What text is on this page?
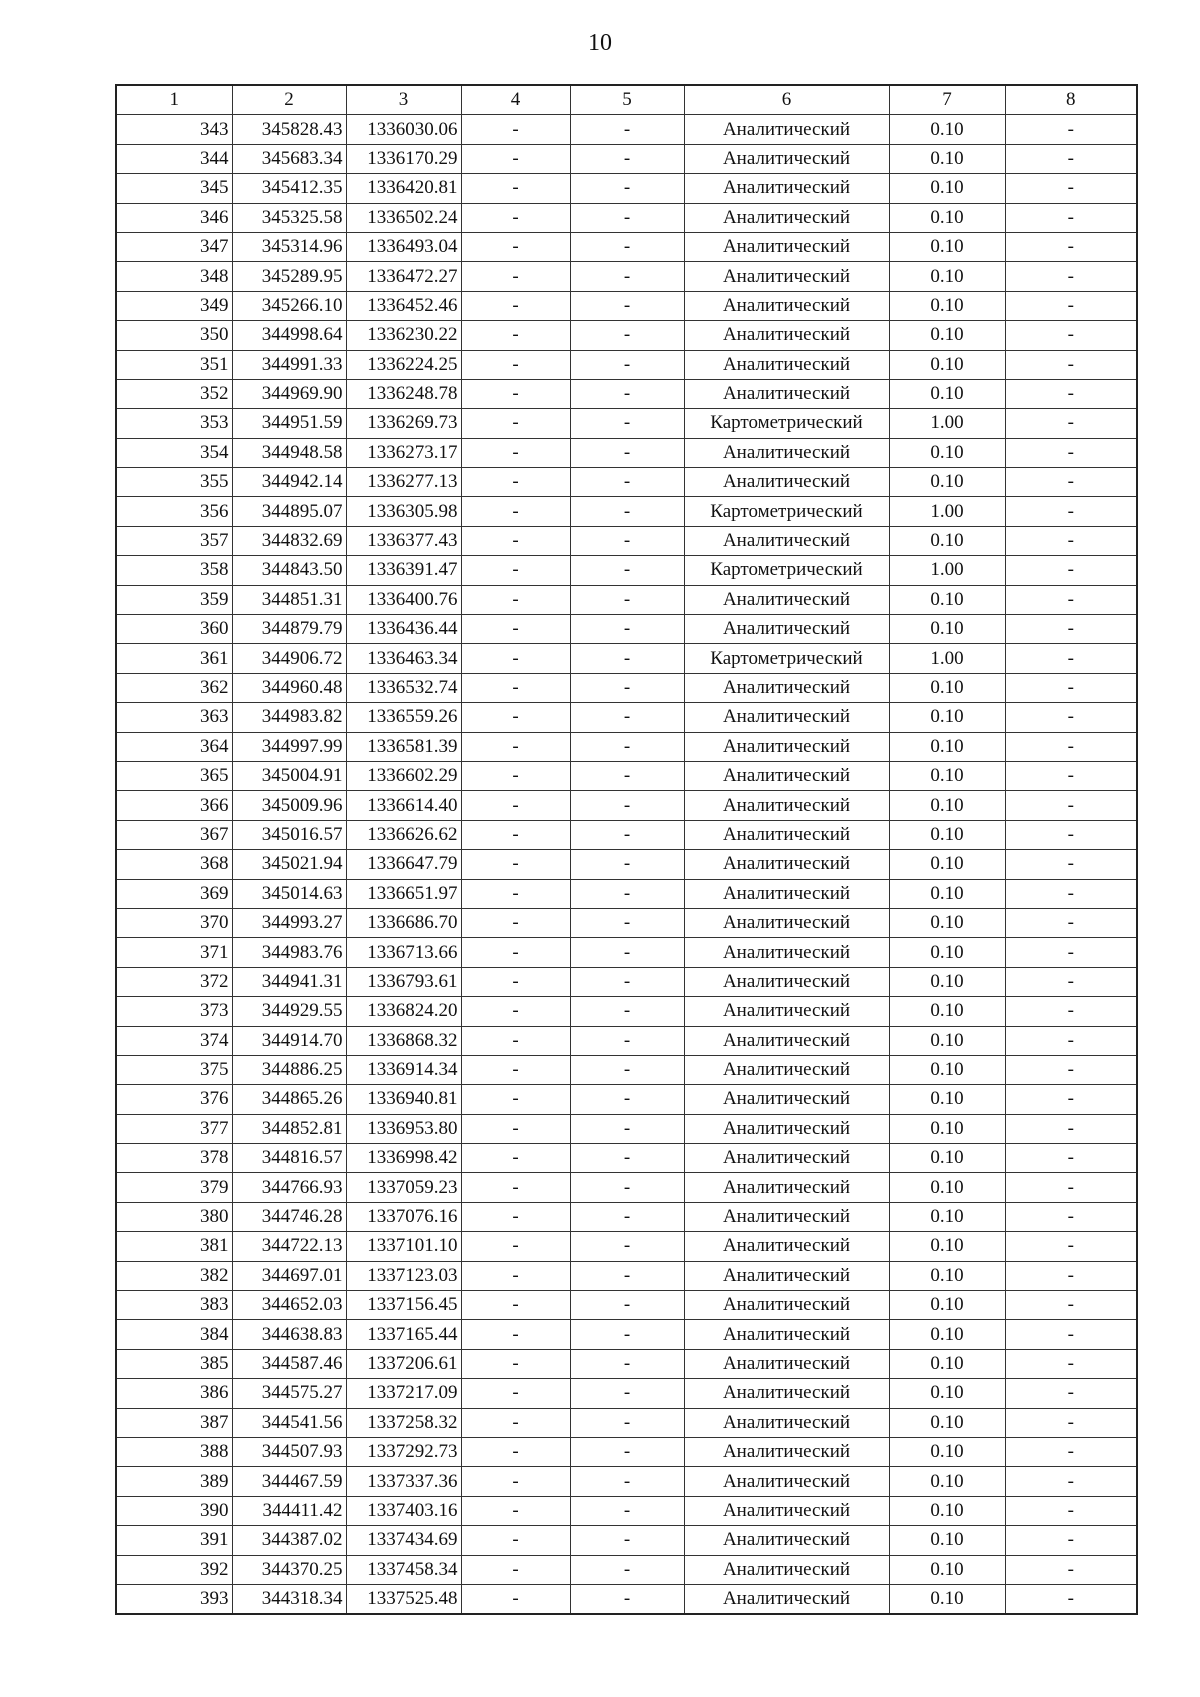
10
1	2	3	4	5	6	7	8
343	345828.43	1336030.06	-	-	Аналитический	0.10	-
344	345683.34	1336170.29	-	-	Аналитический	0.10	-
345	345412.35	1336420.81	-	-	Аналитический	0.10	-
346	345325.58	1336502.24	-	-	Аналитический	0.10	-
347	345314.96	1336493.04	-	-	Аналитический	0.10	-
348	345289.95	1336472.27	-	-	Аналитический	0.10	-
349	345266.10	1336452.46	-	-	Аналитический	0.10	-
350	344998.64	1336230.22	-	-	Аналитический	0.10	-
351	344991.33	1336224.25	-	-	Аналитический	0.10	-
352	344969.90	1336248.78	-	-	Аналитический	0.10	-
353	344951.59	1336269.73	-	-	Картометрический	1.00	-
354	344948.58	1336273.17	-	-	Аналитический	0.10	-
355	344942.14	1336277.13	-	-	Аналитический	0.10	-
356	344895.07	1336305.98	-	-	Картометрический	1.00	-
357	344832.69	1336377.43	-	-	Аналитический	0.10	-
358	344843.50	1336391.47	-	-	Картометрический	1.00	-
359	344851.31	1336400.76	-	-	Аналитический	0.10	-
360	344879.79	1336436.44	-	-	Аналитический	0.10	-
361	344906.72	1336463.34	-	-	Картометрический	1.00	-
362	344960.48	1336532.74	-	-	Аналитический	0.10	-
363	344983.82	1336559.26	-	-	Аналитический	0.10	-
364	344997.99	1336581.39	-	-	Аналитический	0.10	-
365	345004.91	1336602.29	-	-	Аналитический	0.10	-
366	345009.96	1336614.40	-	-	Аналитический	0.10	-
367	345016.57	1336626.62	-	-	Аналитический	0.10	-
368	345021.94	1336647.79	-	-	Аналитический	0.10	-
369	345014.63	1336651.97	-	-	Аналитический	0.10	-
370	344993.27	1336686.70	-	-	Аналитический	0.10	-
371	344983.76	1336713.66	-	-	Аналитический	0.10	-
372	344941.31	1336793.61	-	-	Аналитический	0.10	-
373	344929.55	1336824.20	-	-	Аналитический	0.10	-
374	344914.70	1336868.32	-	-	Аналитический	0.10	-
375	344886.25	1336914.34	-	-	Аналитический	0.10	-
376	344865.26	1336940.81	-	-	Аналитический	0.10	-
377	344852.81	1336953.80	-	-	Аналитический	0.10	-
378	344816.57	1336998.42	-	-	Аналитический	0.10	-
379	344766.93	1337059.23	-	-	Аналитический	0.10	-
380	344746.28	1337076.16	-	-	Аналитический	0.10	-
381	344722.13	1337101.10	-	-	Аналитический	0.10	-
382	344697.01	1337123.03	-	-	Аналитический	0.10	-
383	344652.03	1337156.45	-	-	Аналитический	0.10	-
384	344638.83	1337165.44	-	-	Аналитический	0.10	-
385	344587.46	1337206.61	-	-	Аналитический	0.10	-
386	344575.27	1337217.09	-	-	Аналитический	0.10	-
387	344541.56	1337258.32	-	-	Аналитический	0.10	-
388	344507.93	1337292.73	-	-	Аналитический	0.10	-
389	344467.59	1337337.36	-	-	Аналитический	0.10	-
390	344411.42	1337403.16	-	-	Аналитический	0.10	-
391	344387.02	1337434.69	-	-	Аналитический	0.10	-
392	344370.25	1337458.34	-	-	Аналитический	0.10	-
393	344318.34	1337525.48	-	-	Аналитический	0.10	-
